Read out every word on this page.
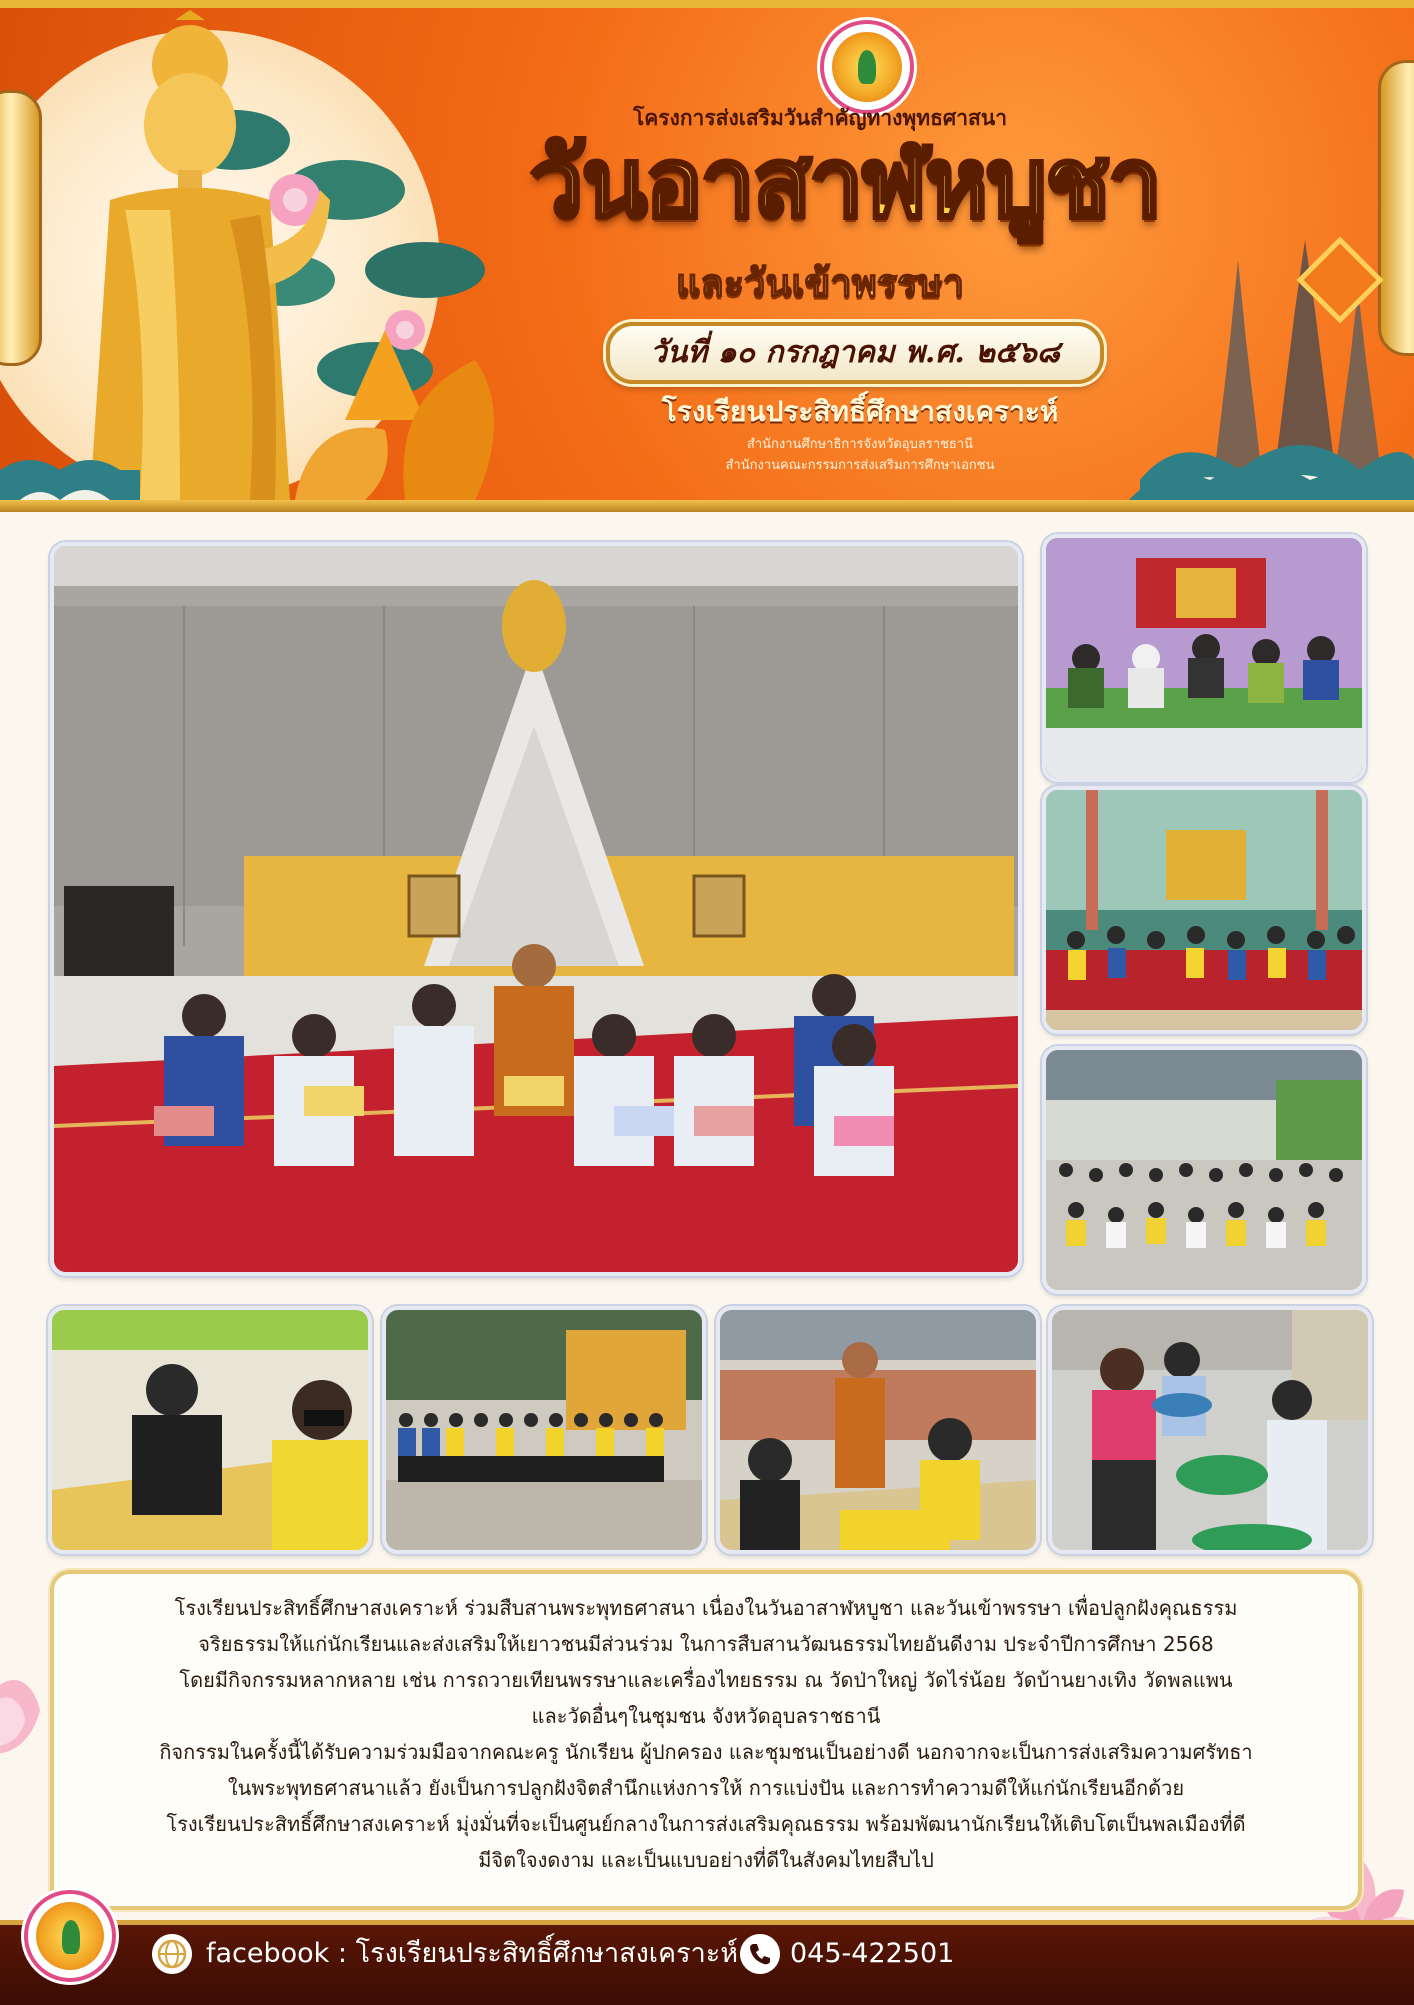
โครงการส่งเสริมวันสำคัญทางพุทธศาสนา
วันอาสาฬหบูชา
และวันเข้าพรรษา
วันที่ ๑๐ กรกฎาคม พ.ศ. ๒๕๖๘
โรงเรียนประสิทธิ์ศึกษาสงเคราะห์
สำนักงานศึกษาธิการจังหวัดอุบลราชธานี
สำนักงานคณะกรรมการส่งเสริมการศึกษาเอกชน

โรงเรียนประสิทธิ์ศึกษาสงเคราะห์ ร่วมสืบสานพระพุทธศาสนา เนื่องในวันอาสาฬหบูชา และวันเข้าพรรษา เพื่อปลูกฝังคุณธรรม

จริยธรรมให้แก่นักเรียนและส่งเสริมให้เยาวชนมีส่วนร่วม ในการสืบสานวัฒนธรรมไทยอันดีงาม ประจำปีการศึกษา 2568

โดยมีกิจกรรมหลากหลาย เช่น การถวายเทียนพรรษาและเครื่องไทยธรรม ณ วัดป่าใหญ่ วัดไร่น้อย วัดบ้านยางเทิง วัดพลแพน

และวัดอื่นๆในชุมชน จังหวัดอุบลราชธานี

กิจกรรมในครั้งนี้ได้รับความร่วมมือจากคณะครู นักเรียน ผู้ปกครอง และชุมชนเป็นอย่างดี นอกจากจะเป็นการส่งเสริมความศรัทธา

ในพระพุทธศาสนาแล้ว ยังเป็นการปลูกฝังจิตสำนึกแห่งการให้ การแบ่งปัน และการทำความดีให้แก่นักเรียนอีกด้วย

โรงเรียนประสิทธิ์ศึกษาสงเคราะห์ มุ่งมั่นที่จะเป็นศูนย์กลางในการส่งเสริมคุณธรรม พร้อมพัฒนานักเรียนให้เติบโตเป็นพลเมืองที่ดี

มีจิตใจงดงาม และเป็นแบบอย่างที่ดีในสังคมไทยสืบไป

facebook : โรงเรียนประสิทธิ์ศึกษาสงเคราะห์ 045-422501
